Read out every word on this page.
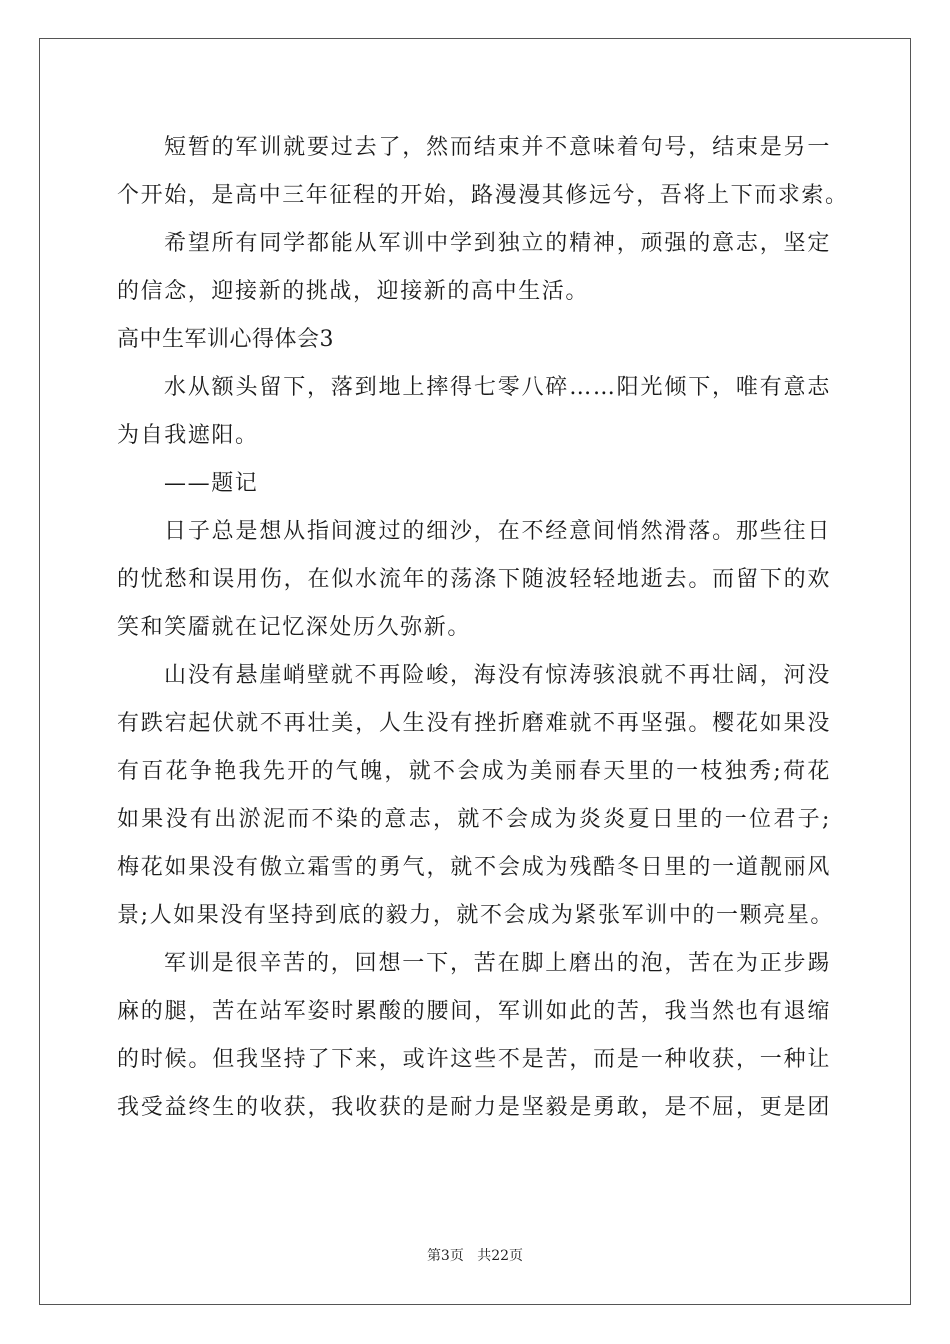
短暂的军训就要过去了，然而结束并不意味着句号，结束是另一
个开始，是高中三年征程的开始，路漫漫其修远兮，吾将上下而求索。
希望所有同学都能从军训中学到独立的精神，顽强的意志，坚定
的信念，迎接新的挑战，迎接新的高中生活。
高中生军训心得体会3
水从额头留下，落到地上摔得七零八碎……阳光倾下，唯有意志
为自我遮阳。
——题记
日子总是想从指间渡过的细沙，在不经意间悄然滑落。那些往日
的忧愁和误用伤，在似水流年的荡涤下随波轻轻地逝去。而留下的欢
笑和笑靥就在记忆深处历久弥新。
山没有悬崖峭壁就不再险峻，海没有惊涛骇浪就不再壮阔，河没
有跌宕起伏就不再壮美，人生没有挫折磨难就不再坚强。樱花如果没
有百花争艳我先开的气魄，就不会成为美丽春天里的一枝独秀;荷花
如果没有出淤泥而不染的意志，就不会成为炎炎夏日里的一位君子;
梅花如果没有傲立霜雪的勇气，就不会成为残酷冬日里的一道靓丽风
景;人如果没有坚持到底的毅力，就不会成为紧张军训中的一颗亮星。
军训是很辛苦的，回想一下，苦在脚上磨出的泡，苦在为正步踢
麻的腿，苦在站军姿时累酸的腰间，军训如此的苦，我当然也有退缩
的时候。但我坚持了下来，或许这些不是苦，而是一种收获，一种让
我受益终生的收获，我收获的是耐力是坚毅是勇敢，是不屈，更是团
第3页 共22页
